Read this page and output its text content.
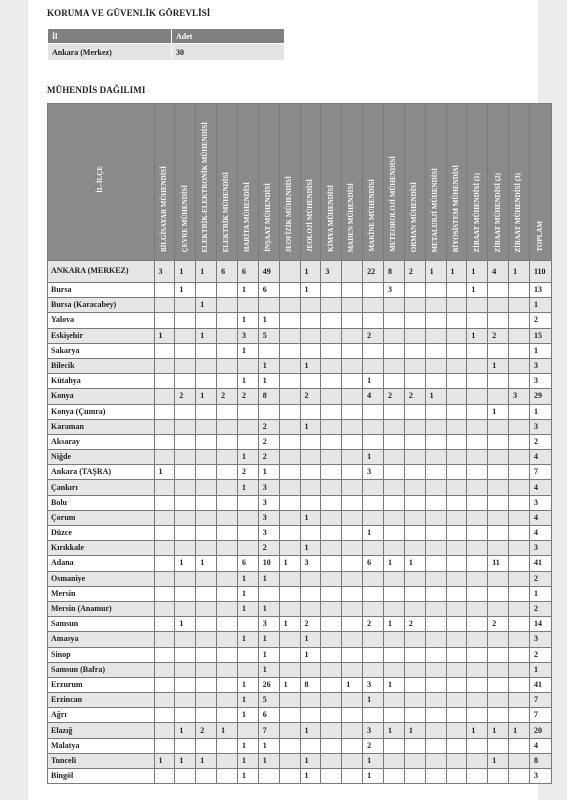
KORUMA VE GÜVENLİK GÖREVLİSİ
İl	Adet
Ankara (Merkez)	30
MÜHENDİS DAĞILIMI
İL-İLÇE	BİLGİSAYAR MÜHENDİSİ	ÇEVRE MÜHENDİSİ	ELEKTRİK-ELEKTRONİK MÜHENDİSİ	ELEKTRİK MÜHENDİSİ	HARİTA MÜHENDİSİ	İNŞAAT MÜHENDİSİ	JEOFİZİK MÜHENDİSİ	JEOLOJİ MÜHENDİSİ	KİMYA MÜHENDİSİ	MADEN MÜHENDİSİ	MAKİNE MÜHENDİSİ	METEOROLOJİ MÜHENDİSİ	ORMAN MÜHENDİSİ	METALURJİ MÜHENDİSİ	BİYOSİSTEM MÜHENDİSİ	ZİRAAT MÜHENDİSİ (1)	ZİRAAT MÜHENDİSİ (2)	ZİRAAT MÜHENDİSİ (3)	TOPLAM
ANKARA (MERKEZ)	3	1	1	6	6	49		1	3		22	8	2	1	1	1	4	1	110
Bursa		1			1	6		1				3				1			13
Bursa (Karacabey)			1																1
Yalova					1	1													2
Eskişehir	1		1		3	5					2					1	2		15
Sakarya					1														1
Bilecik						1		1									1		3
Kütahya					1	1					1								3
Konya		2	1	2	2	8		2			4	2	2	1				3	29
Konya (Çumra)																	1		1
Karaman						2		1											3
Aksaray						2													2
Niğde					1	2					1								4
Ankara (TAŞRA)	1				2	1					3								7
Çankırı					1	3													4
Bolu						3													3
Çorum						3		1											4
Düzce						3					1								4
Kırıkkale						2		1											3
Adana		1	1		6	10	1	3			6	1	1				11		41
Osmaniye					1	1													2
Mersin					1														1
Mersin (Anamur)					1	1													2
Samsun		1				3	1	2			2	1	2				2		14
Amasya					1	1		1											3
Sinop						1		1											2
Samsun (Bafra)						1													1
Erzurum					1	26	1	8		1	3	1							41
Erzincan					1	5					1								7
Ağrı					1	6													7
Elazığ		1	2	1		7		1			3	1	1			1	1	1	20
Malatya					1	1					2								4
Tunceli	1	1	1		1	1		1			1						1		8
Bingöl					1			1			1								3
